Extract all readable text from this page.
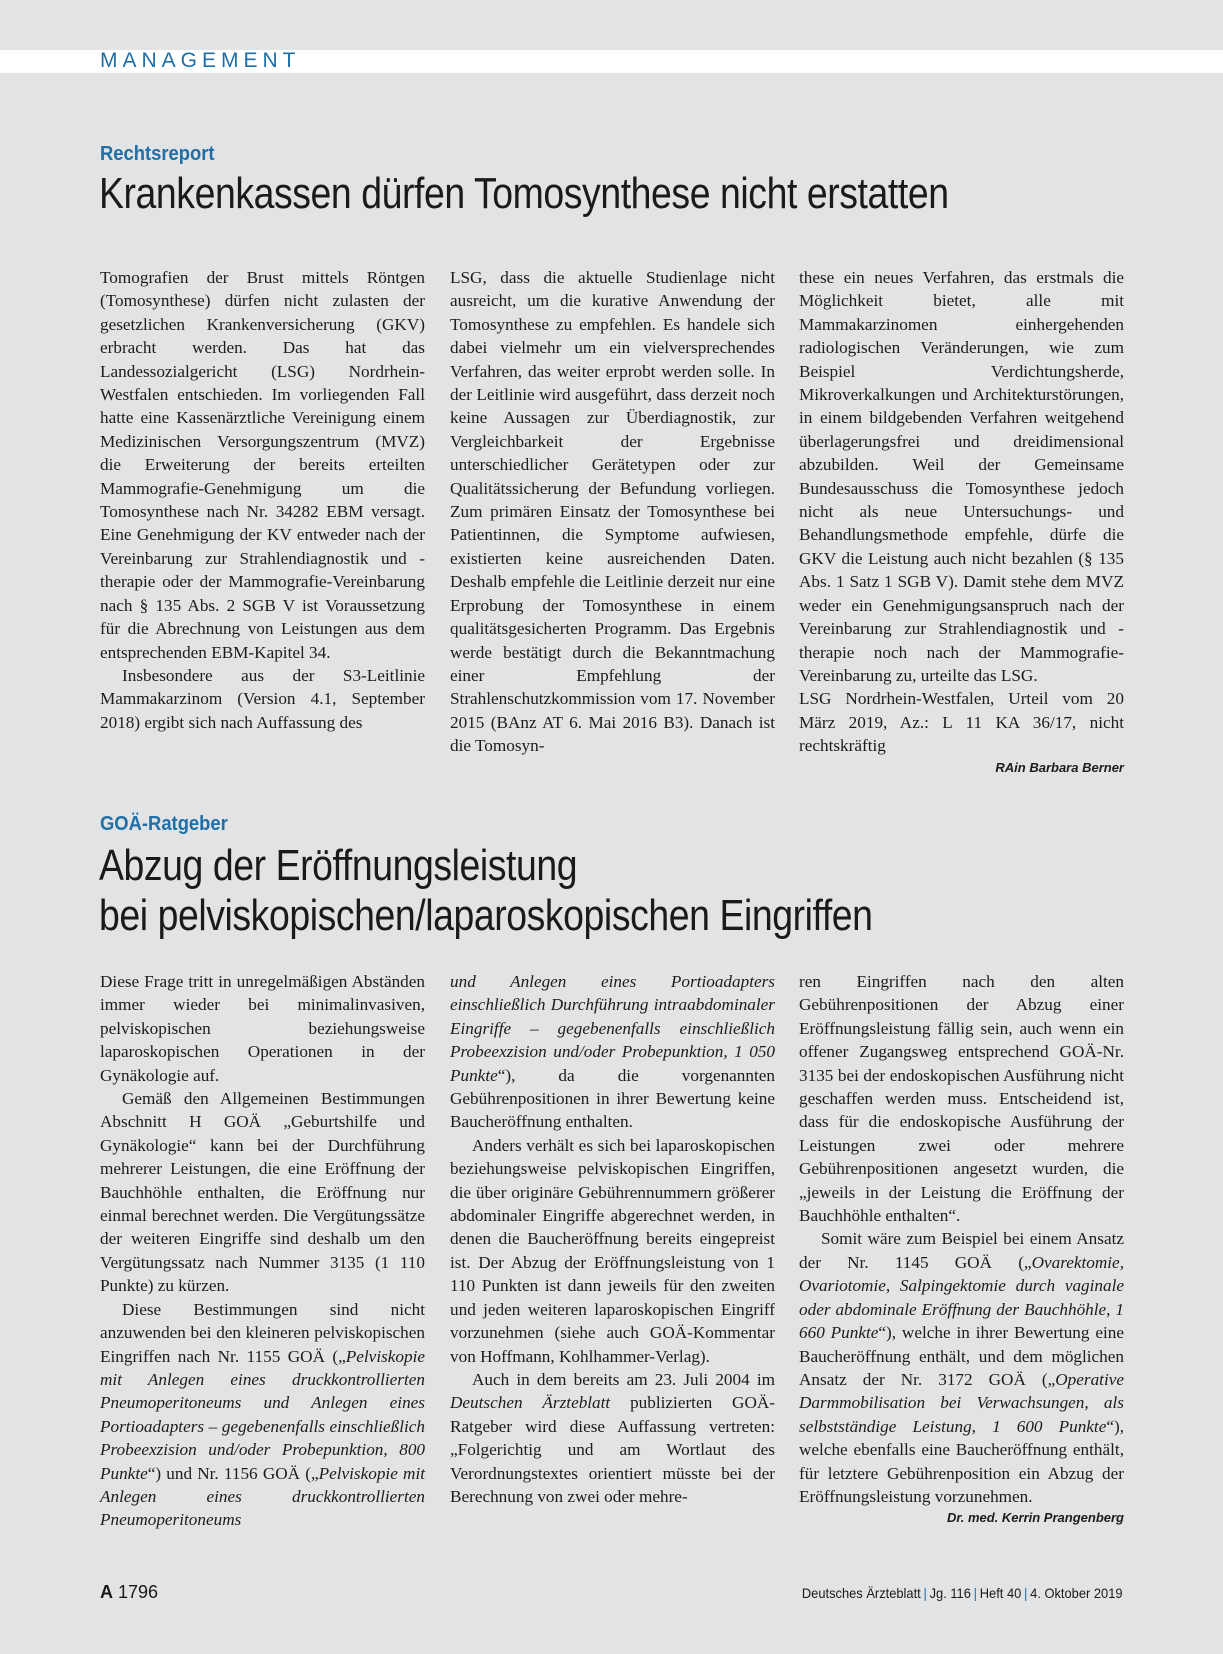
MANAGEMENT
Rechtsreport
Krankenkassen dürfen Tomosynthese nicht erstatten

Tomografien der Brust mittels Röntgen (Tomosynthese) dürfen nicht zulasten der gesetzlichen Krankenversicherung (GKV) erbracht werden. Das hat das Landessozialgericht (LSG) Nordrhein-Westfalen entschieden. Im vorliegenden Fall hatte eine Kassenärztliche Vereinigung einem Medizinischen Versorgungszentrum (MVZ) die Erweiterung der bereits erteilten Mammografie-Genehmigung um die Tomosynthese nach Nr. 34282 EBM versagt. Eine Genehmigung der KV entweder nach der Vereinbarung zur Strahlendiagnostik und -therapie oder der Mammografie-Vereinbarung nach § 135 Abs. 2 SGB V ist Voraussetzung für die Abrechnung von Leistungen aus dem entsprechenden EBM-Kapitel 34.

Insbesondere aus der S3-Leitlinie Mammakarzinom (Version 4.1, September 2018) ergibt sich nach Auffassung des

LSG, dass die aktuelle Studienlage nicht ausreicht, um die kurative Anwendung der Tomosynthese zu empfehlen. Es handele sich dabei vielmehr um ein vielversprechendes Verfahren, das weiter erprobt werden solle. In der Leitlinie wird ausgeführt, dass derzeit noch keine Aussagen zur Überdiagnostik, zur Vergleichbarkeit der Ergebnisse unterschiedlicher Gerätetypen oder zur Qualitätssicherung der Befundung vorliegen. Zum primären Einsatz der Tomosynthese bei Patientinnen, die Symptome aufwiesen, existierten keine ausreichenden Daten. Deshalb empfehle die Leitlinie derzeit nur eine Erprobung der Tomosynthese in einem qualitätsgesicherten Programm. Das Ergebnis werde bestätigt durch die Bekanntmachung einer Empfehlung der Strahlenschutzkommission vom 17. November 2015 (BAnz AT 6. Mai 2016 B3). Danach ist die Tomosyn-

these ein neues Verfahren, das erstmals die Möglichkeit bietet, alle mit Mammakarzinomen einhergehenden radiologischen Veränderungen, wie zum Beispiel Verdichtungsherde, Mikroverkalkungen und Architekturstörungen, in einem bildgebenden Verfahren weitgehend überlagerungsfrei und dreidimensional abzubilden. Weil der Gemeinsame Bundesausschuss die Tomosynthese jedoch nicht als neue Untersuchungs- und Behandlungsmethode empfehle, dürfe die GKV die Leistung auch nicht bezahlen (§ 135 Abs. 1 Satz 1 SGB V). Damit stehe dem MVZ weder ein Genehmigungsanspruch nach der Vereinbarung zur Strahlendiagnostik und -therapie noch nach der Mammografie-Vereinbarung zu, urteilte das LSG.

LSG Nordrhein-Westfalen, Urteil vom 20 März 2019, Az.: L 11 KA 36/17, nicht rechtskräftig

RAin Barbara Berner
GOÄ-Ratgeber
Abzug der Eröffnungsleistung
bei pelviskopischen/laparoskopischen Eingriffen

Diese Frage tritt in unregelmäßigen Abständen immer wieder bei minimalinvasiven, pelviskopischen beziehungsweise laparoskopischen Operationen in der Gynäkologie auf.

Gemäß den Allgemeinen Bestimmungen Abschnitt H GOÄ „Geburtshilfe und Gynäkologie“ kann bei der Durchführung mehrerer Leistungen, die eine Eröffnung der Bauchhöhle enthalten, die Eröffnung nur einmal berechnet werden. Die Vergütungssätze der weiteren Eingriffe sind deshalb um den Vergütungssatz nach Nummer 3135 (1 110 Punkte) zu kürzen.

Diese Bestimmungen sind nicht anzuwenden bei den kleineren pelviskopischen Eingriffen nach Nr. 1155 GOÄ („Pelviskopie mit Anlegen eines druckkontrollierten Pneumoperitoneums und Anlegen eines Portioadapters – gegebenenfalls einschließlich Probeexzision und/oder Probepunktion, 800 Punkte“) und Nr. 1156 GOÄ („Pelviskopie mit Anlegen eines druckkontrollierten Pneumoperitoneums

und Anlegen eines Portioadapters einschließlich Durchführung intraabdominaler Eingriffe – gegebenenfalls einschließlich Probeexzision und/oder Probepunktion, 1 050 Punkte“), da die vorgenannten Gebührenpositionen in ihrer Bewertung keine Baucheröffnung enthalten.

Anders verhält es sich bei laparoskopischen beziehungsweise pelviskopischen Eingriffen, die über originäre Gebührennummern größerer abdominaler Eingriffe abgerechnet werden, in denen die Baucheröffnung bereits eingepreist ist. Der Abzug der Eröffnungsleistung von 1 110 Punkten ist dann jeweils für den zweiten und jeden weiteren laparoskopischen Eingriff vorzunehmen (siehe auch GOÄ-Kommentar von Hoffmann, Kohlhammer-Verlag).

Auch in dem bereits am 23. Juli 2004 im Deutschen Ärzteblatt publizierten GOÄ-Ratgeber wird diese Auffassung vertreten: „Folgerichtig und am Wortlaut des Verordnungstextes orientiert müsste bei der Berechnung von zwei oder mehre-

ren Eingriffen nach den alten Gebührenpositionen der Abzug einer Eröffnungsleistung fällig sein, auch wenn ein offener Zugangsweg entsprechend GOÄ-Nr. 3135 bei der endoskopischen Ausführung nicht geschaffen werden muss. Entscheidend ist, dass für die endoskopische Ausführung der Leistungen zwei oder mehrere Gebührenpositionen angesetzt wurden, die „jeweils in der Leistung die Eröffnung der Bauchhöhle enthalten“.

Somit wäre zum Beispiel bei einem Ansatz der Nr. 1145 GOÄ („Ovarektomie, Ovariotomie, Salpingektomie durch vaginale oder abdominale Eröffnung der Bauchhöhle, 1 660 Punkte“), welche in ihrer Bewertung eine Baucheröffnung enthält, und dem möglichen Ansatz der Nr. 3172 GOÄ („Operative Darmmobilisation bei Verwachsungen, als selbstständige Leistung, 1 600 Punkte“), welche ebenfalls eine Baucheröffnung enthält, für letztere Gebührenposition ein Abzug der Eröffnungsleistung vorzunehmen.

Dr. med. Kerrin Prangenberg
A 1796	Deutsches Ärzteblatt | Jg. 116 | Heft 40 | 4. Oktober 2019
